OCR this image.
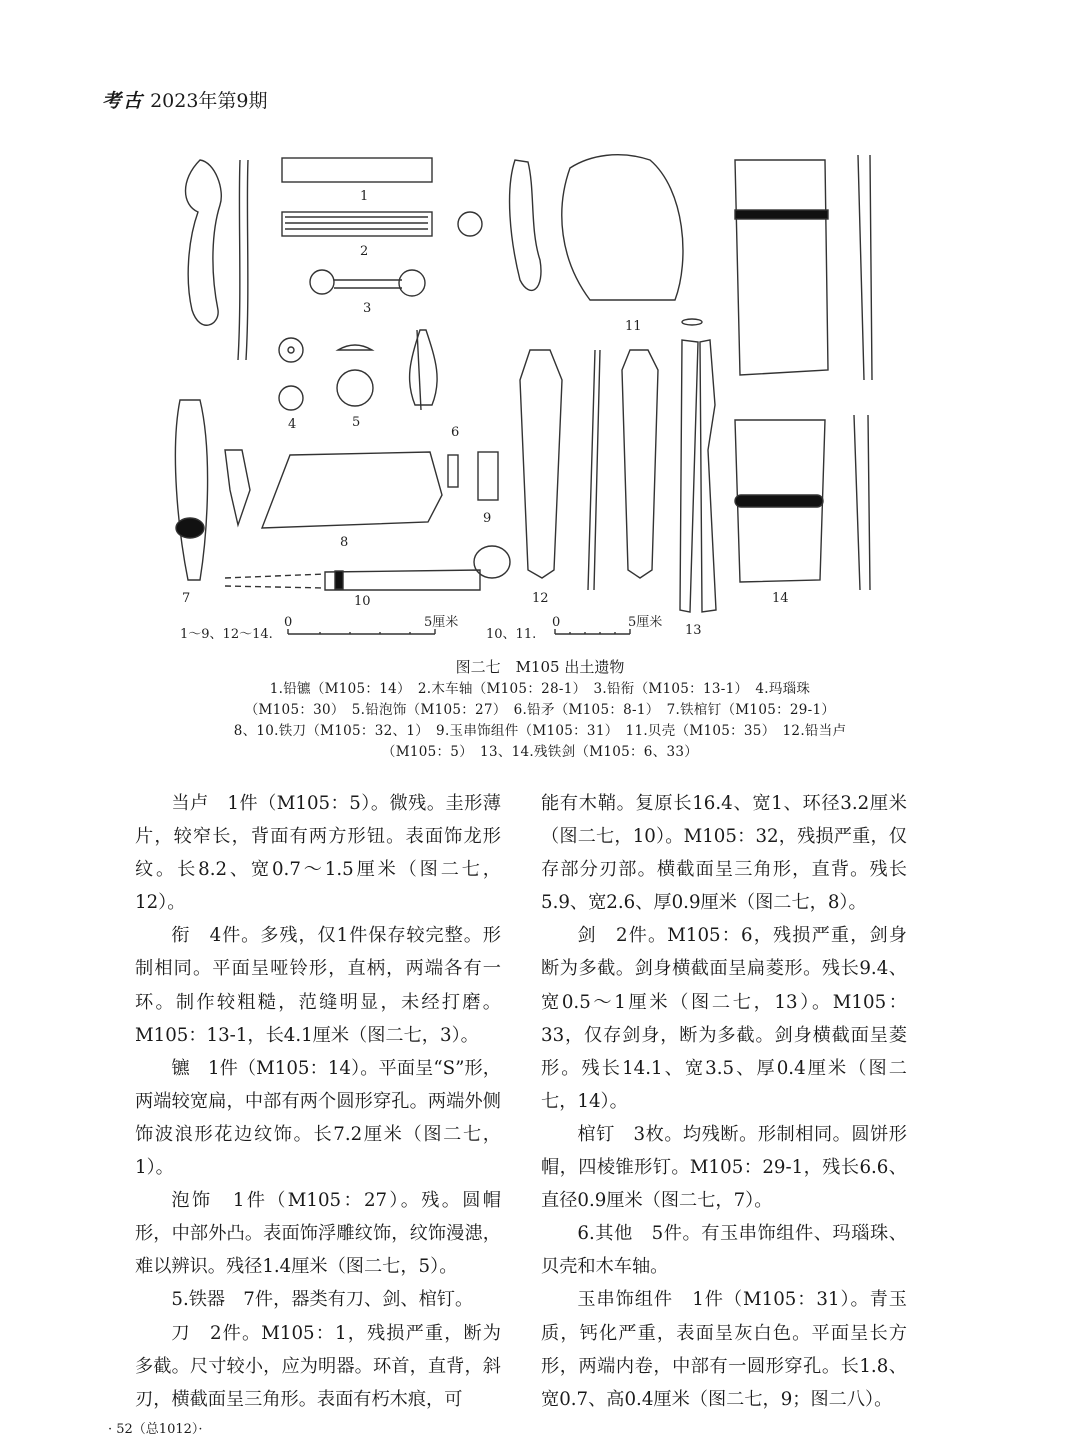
考古 2023年第9期
1
2
3
4	5
6
7
8
9
10
11
12
13
14
1～9、12～14.
0	5厘米
10、11.
0	5厘米
图二七　M105 出土遗物
1.铅镳（M105：14）　2.木车轴（M105：28-1）　3.铅衔（M105：13-1）　4.玛瑙珠
（M105：30）　5.铅泡饰（M105：27）　6.铅矛（M105：8-1）　7.铁棺钉（M105：29-1）
8、10.铁刀（M105：32、1）　9.玉串饰组件（M105：31）　11.贝壳（M105：35）　12.铅当卢
（M105：5）　13、14.残铁剑（M105：6、33）

当卢　1件（M105：5）。微残。圭形薄片，较窄长，背面有两方形钮。表面饰龙形纹。长8.2、宽0.7～1.5厘米（图二七，12）。

衔　4件。多残，仅1件保存较完整。形制相同。平面呈哑铃形，直柄，两端各有一环。制作较粗糙，范缝明显，未经打磨。M105：13-1，长4.1厘米（图二七，3）。

镳　1件（M105：14）。平面呈“S”形，两端较宽扁，中部有两个圆形穿孔。两端外侧饰波浪形花边纹饰。长7.2厘米（图二七，1）。

泡饰　1件（M105：27）。残。圆帽形，中部外凸。表面饰浮雕纹饰，纹饰漫漶，难以辨识。残径1.4厘米（图二七，5）。

5.铁器　7件，器类有刀、剑、棺钉。

刀　2件。M105：1，残损严重，断为多截。尺寸较小，应为明器。环首，直背，斜刃，横截面呈三角形。表面有朽木痕，可

能有木鞘。复原长16.4、宽1、环径3.2厘米（图二七，10）。M105：32，残损严重，仅存部分刃部。横截面呈三角形，直背。残长5.9、宽2.6、厚0.9厘米（图二七，8）。

剑　2件。M105：6，残损严重，剑身断为多截。剑身横截面呈扁菱形。残长9.4、宽0.5～1厘米（图二七，13）。M105：33，仅存剑身，断为多截。剑身横截面呈菱形。残长14.1、宽3.5、厚0.4厘米（图二七，14）。

棺钉　3枚。均残断。形制相同。圆饼形帽，四棱锥形钉。M105：29-1，残长6.6、直径0.9厘米（图二七，7）。

6.其他　5件。有玉串饰组件、玛瑙珠、贝壳和木车轴。

玉串饰组件　1件（M105：31）。青玉质，钙化严重，表面呈灰白色。平面呈长方形，两端内卷，中部有一圆形穿孔。长1.8、宽0.7、高0.4厘米（图二七，9；图二八）。

· 52（总1012）·
